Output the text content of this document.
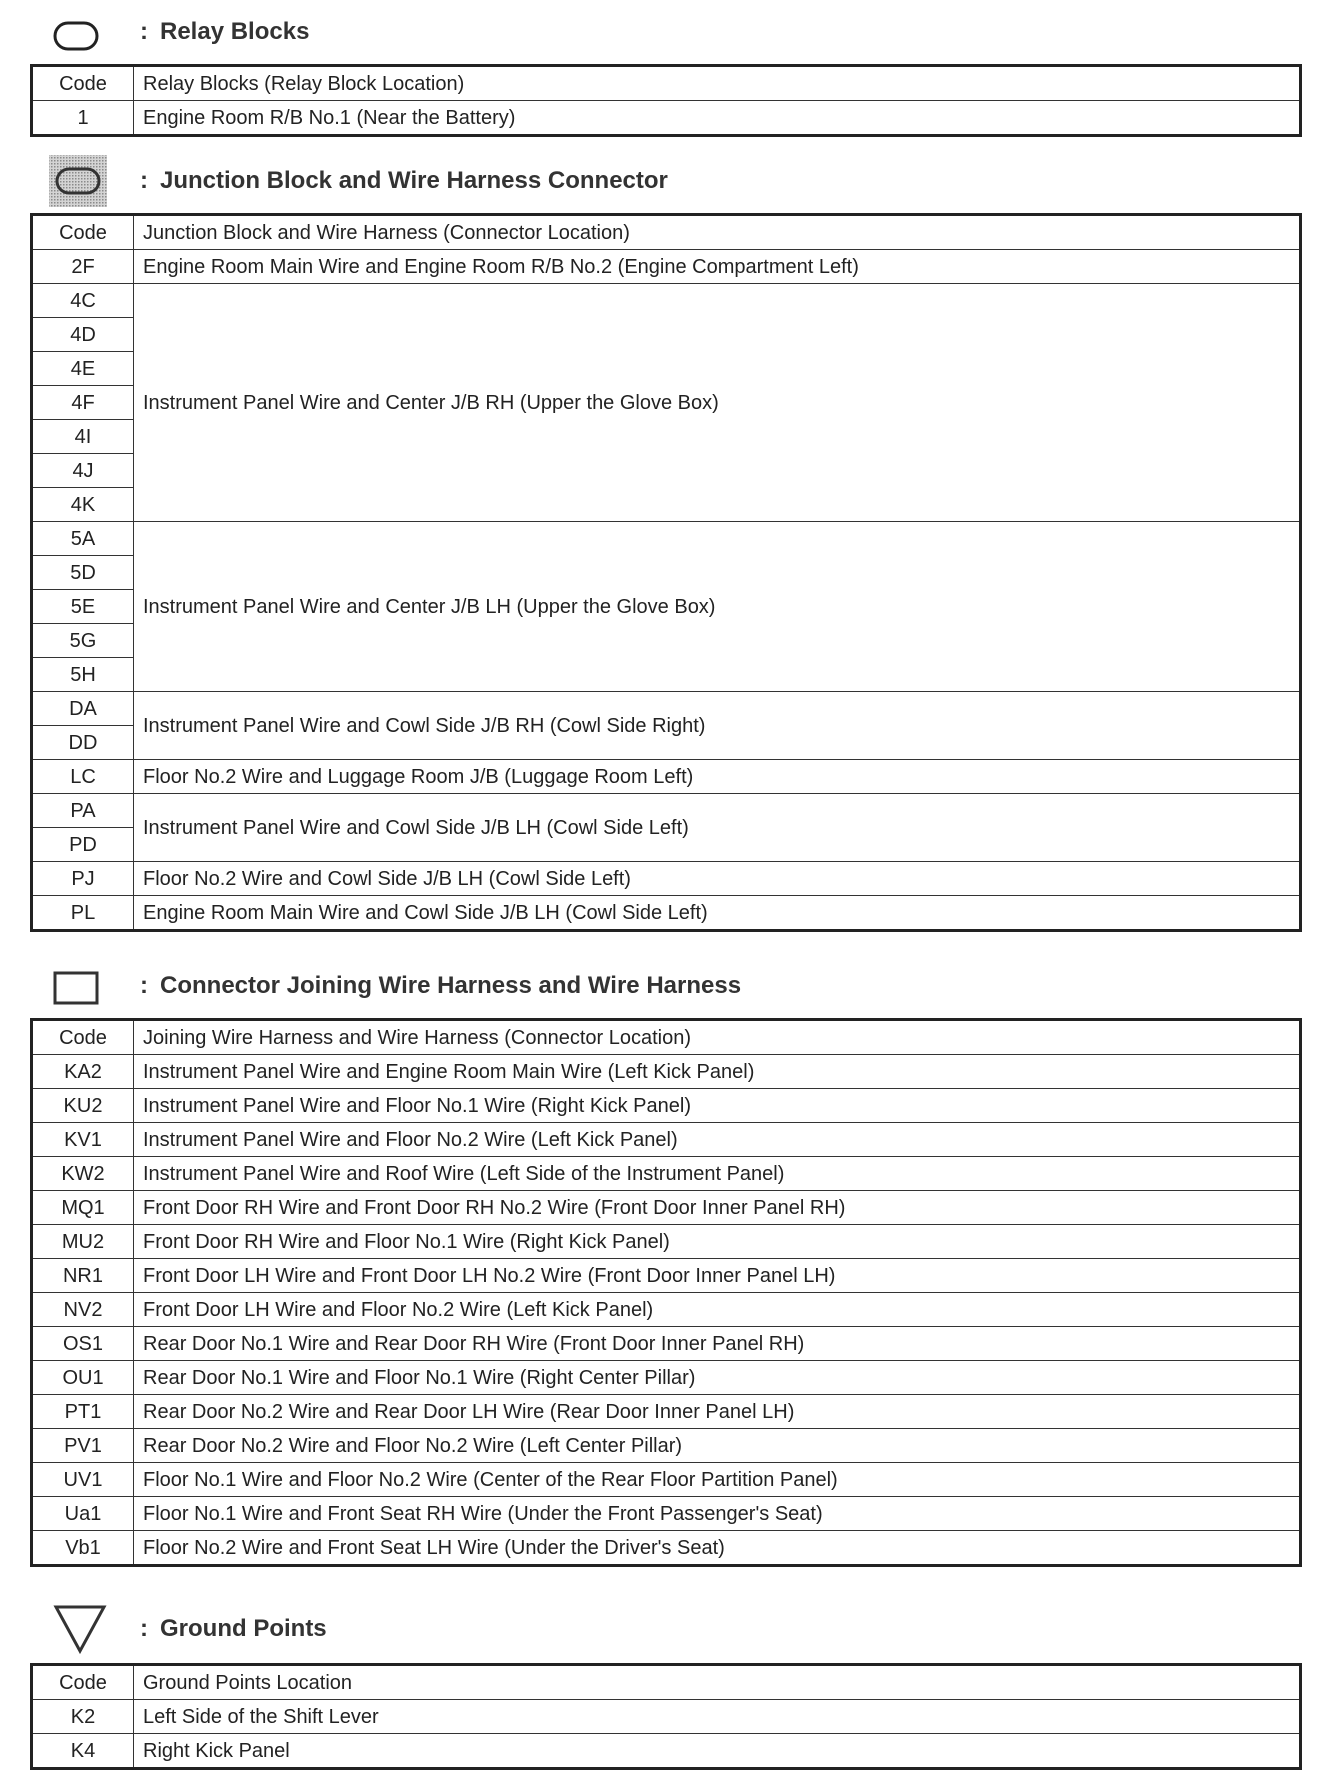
: Relay Blocks
Code	Relay Blocks (Relay Block Location)
1	Engine Room R/B No.1 (Near the Battery)
: Junction Block and Wire Harness Connector
Code	Junction Block and Wire Harness (Connector Location)
2F	Engine Room Main Wire and Engine Room R/B No.2 (Engine Compartment Left)
4C	Instrument Panel Wire and Center J/B RH (Upper the Glove Box)
4D	
4E	
4F	
4I	
4J	
4K	
5A	Instrument Panel Wire and Center J/B LH (Upper the Glove Box)
5D	
5E	
5G	
5H	
DA	Instrument Panel Wire and Cowl Side J/B RH (Cowl Side Right)
DD	
LC	Floor No.2 Wire and Luggage Room J/B (Luggage Room Left)
PA	Instrument Panel Wire and Cowl Side J/B LH (Cowl Side Left)
PD	
PJ	Floor No.2 Wire and Cowl Side J/B LH (Cowl Side Left)
PL	Engine Room Main Wire and Cowl Side J/B LH (Cowl Side Left)
: Connector Joining Wire Harness and Wire Harness
Code	Joining Wire Harness and Wire Harness (Connector Location)
KA2	Instrument Panel Wire and Engine Room Main Wire (Left Kick Panel)
KU2	Instrument Panel Wire and Floor No.1 Wire (Right Kick Panel)
KV1	Instrument Panel Wire and Floor No.2 Wire (Left Kick Panel)
KW2	Instrument Panel Wire and Roof Wire (Left Side of the Instrument Panel)
MQ1	Front Door RH Wire and Front Door RH No.2 Wire (Front Door Inner Panel RH)
MU2	Front Door RH Wire and Floor No.1 Wire (Right Kick Panel)
NR1	Front Door LH Wire and Front Door LH No.2 Wire (Front Door Inner Panel LH)
NV2	Front Door LH Wire and Floor No.2 Wire (Left Kick Panel)
OS1	Rear Door No.1 Wire and Rear Door RH Wire (Front Door Inner Panel RH)
OU1	Rear Door No.1 Wire and Floor No.1 Wire (Right Center Pillar)
PT1	Rear Door No.2 Wire and Rear Door LH Wire (Rear Door Inner Panel LH)
PV1	Rear Door No.2 Wire and Floor No.2 Wire (Left Center Pillar)
UV1	Floor No.1 Wire and Floor No.2 Wire (Center of the Rear Floor Partition Panel)
Ua1	Floor No.1 Wire and Front Seat RH Wire (Under the Front Passenger's Seat)
Vb1	Floor No.2 Wire and Front Seat LH Wire (Under the Driver's Seat)
: Ground Points
Code	Ground Points Location
K2	Left Side of the Shift Lever
K4	Right Kick Panel
